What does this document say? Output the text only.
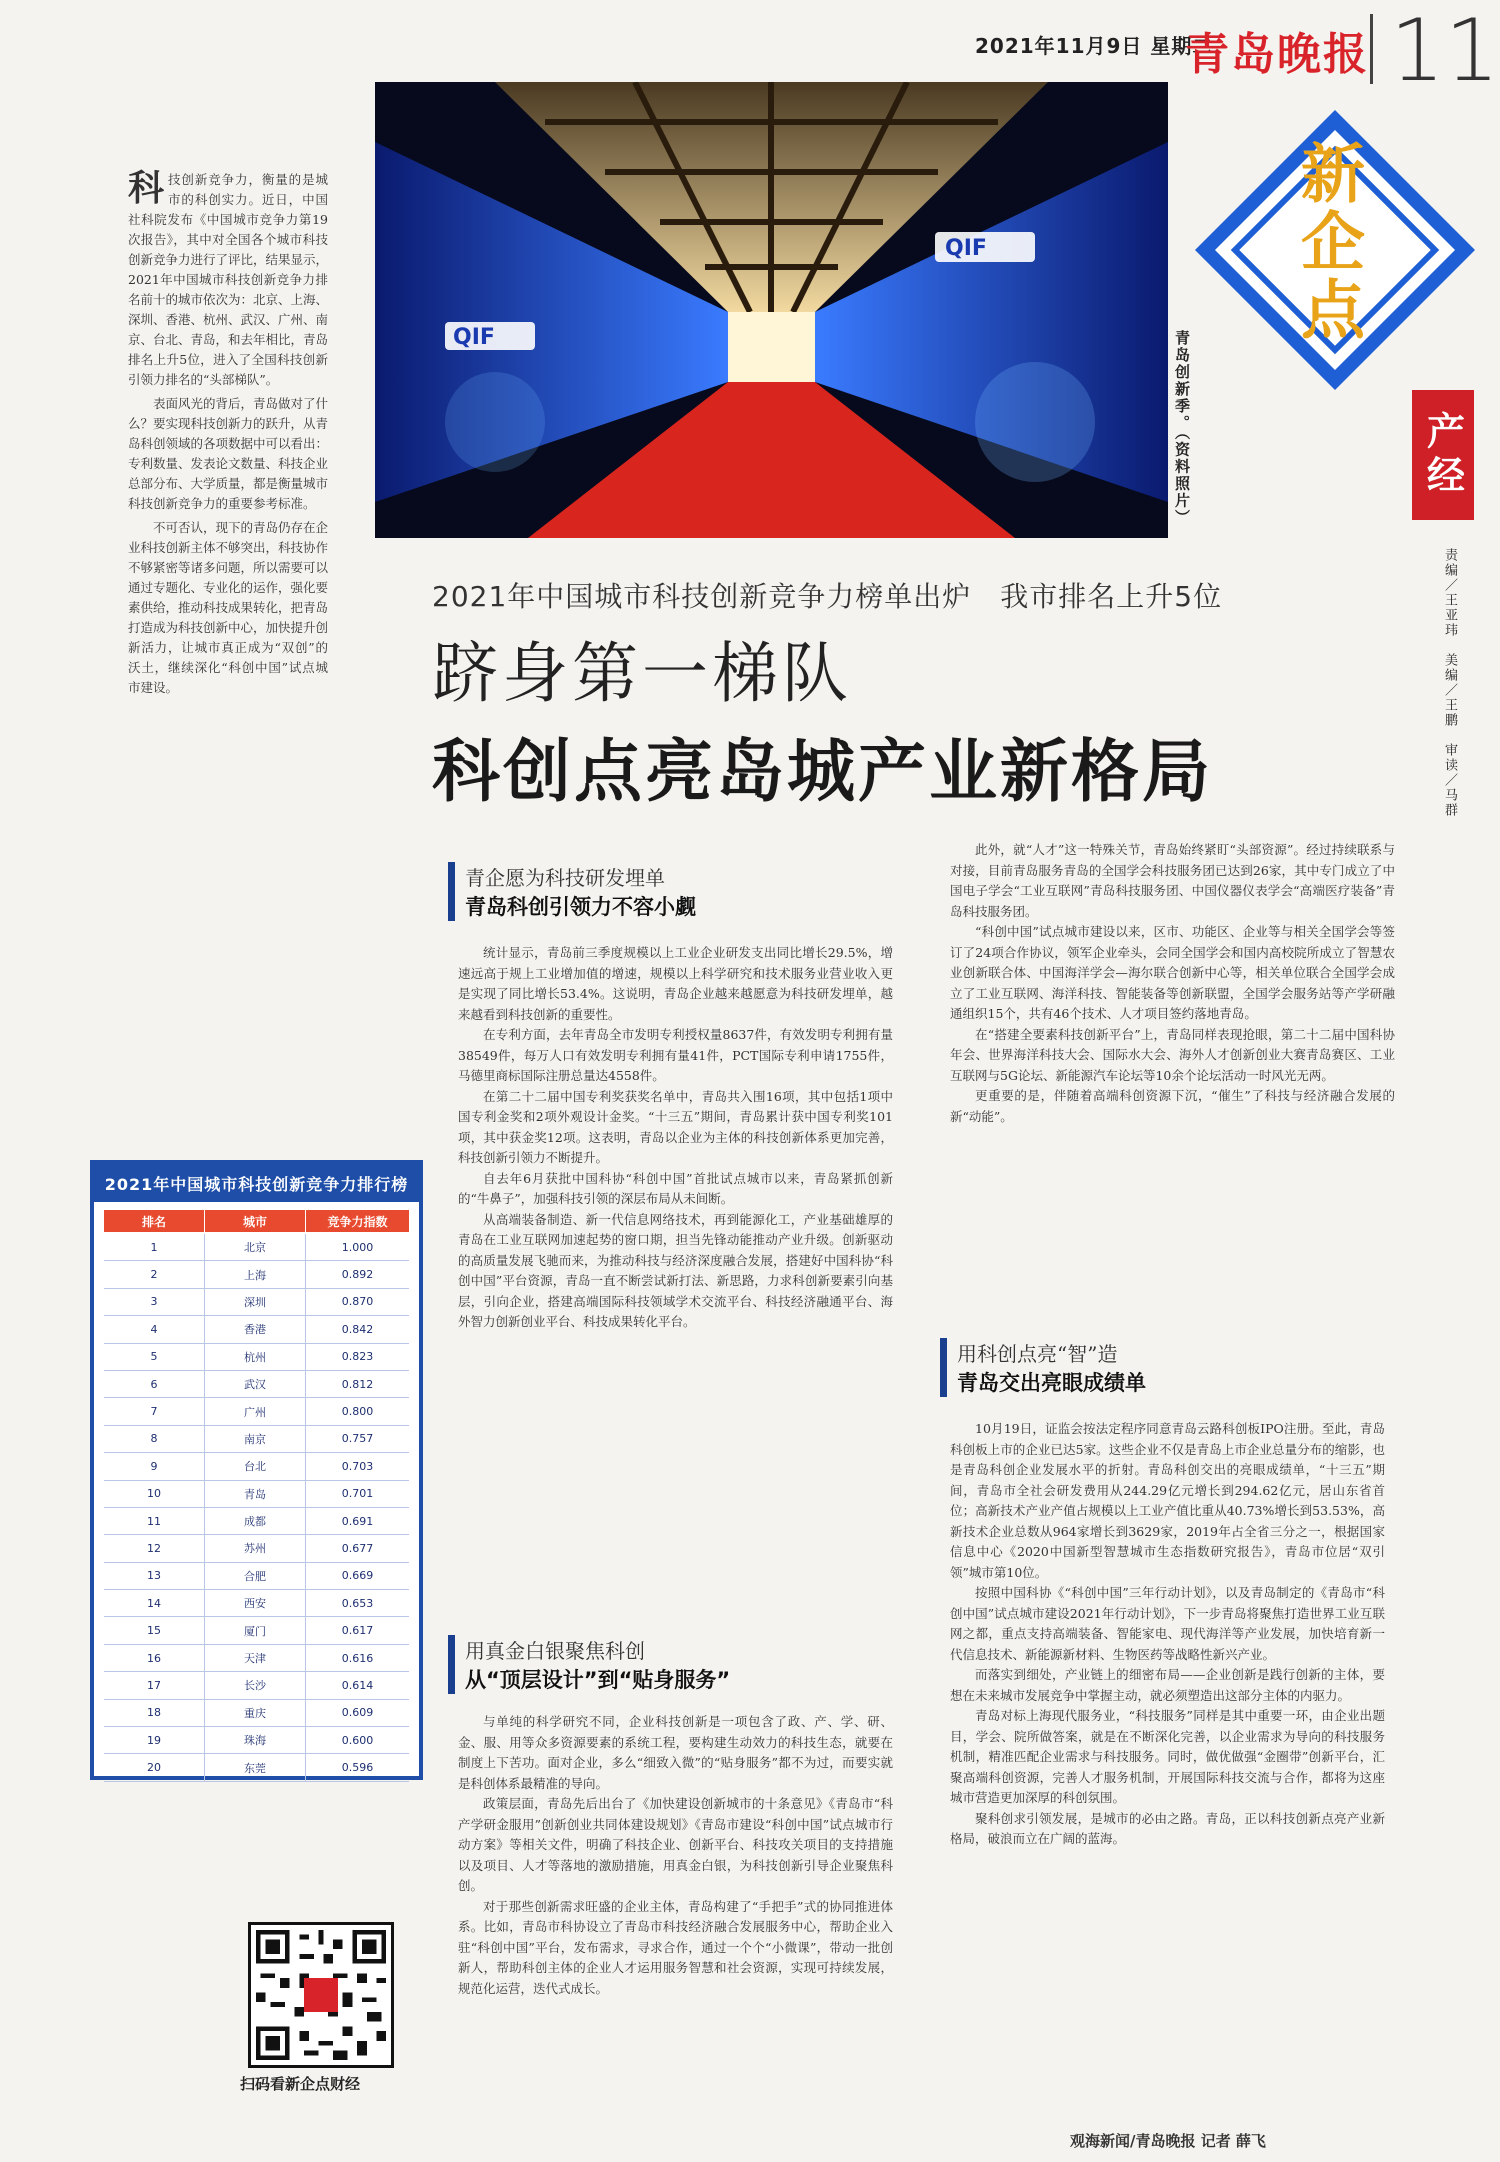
2021年11月9日 星期二
青岛晚报 11
QIF
QIF
青岛创新季。（资料照片）
新企点
产经
责编／王亚玮　美编／王鹏　审读／马群

科技创新竞争力，衡量的是城市的科创实力。近日，中国社科院发布《中国城市竞争力第19次报告》，其中对全国各个城市科技创新竞争力进行了评比，结果显示，2021年中国城市科技创新竞争力排名前十的城市依次为：北京、上海、深圳、香港、杭州、武汉、广州、南京、台北、青岛，和去年相比，青岛排名上升5位，进入了全国科技创新引领力排名的“头部梯队”。

表面风光的背后，青岛做对了什么？要实现科技创新力的跃升，从青岛科创领域的各项数据中可以看出：专利数量、发表论文数量、科技企业总部分布、大学质量，都是衡量城市科技创新竞争力的重要参考标准。

不可否认，现下的青岛仍存在企业科技创新主体不够突出，科技协作不够紧密等诸多问题，所以需要可以通过专题化、专业化的运作，强化要素供给，推动科技成果转化，把青岛打造成为科技创新中心，加快提升创新活力，让城市真正成为“双创”的沃土，继续深化“科创中国”试点城市建设。

2021年中国城市科技创新竞争力榜单出炉　我市排名上升5位
跻身第一梯队
科创点亮岛城产业新格局
青企愿为科技研发埋单
青岛科创引领力不容小觑

统计显示，青岛前三季度规模以上工业企业研发支出同比增长29.5%，增速远高于规上工业增加值的增速，规模以上科学研究和技术服务业营业收入更是实现了同比增长53.4%。这说明，青岛企业越来越愿意为科技研发埋单，越来越看到科技创新的重要性。

在专利方面，去年青岛全市发明专利授权量8637件，有效发明专利拥有量38549件，每万人口有效发明专利拥有量41件，PCT国际专利申请1755件，马德里商标国际注册总量达4558件。

在第二十二届中国专利奖获奖名单中，青岛共入围16项，其中包括1项中国专利金奖和2项外观设计金奖。“十三五”期间，青岛累计获中国专利奖101项，其中获金奖12项。这表明，青岛以企业为主体的科技创新体系更加完善，科技创新引领力不断提升。

自去年6月获批中国科协“科创中国”首批试点城市以来，青岛紧抓创新的“牛鼻子”，加强科技引领的深层布局从未间断。

从高端装备制造、新一代信息网络技术，再到能源化工，产业基础雄厚的青岛在工业互联网加速起势的窗口期，担当先锋动能推动产业升级。创新驱动的高质量发展飞驰而来，为推动科技与经济深度融合发展，搭建好中国科协“科创中国”平台资源，青岛一直不断尝试新打法、新思路，力求科创新要素引向基层，引向企业，搭建高端国际科技领域学术交流平台、科技经济融通平台、海外智力创新创业平台、科技成果转化平台。

用真金白银聚焦科创
从“顶层设计”到“贴身服务”

与单纯的科学研究不同，企业科技创新是一项包含了政、产、学、研、金、服、用等众多资源要素的系统工程，要构建生动效力的科技生态，就要在制度上下苦功。面对企业，多么“细致入微”的“贴身服务”都不为过，而要实就是科创体系最精准的导向。

政策层面，青岛先后出台了《加快建设创新城市的十条意见》《青岛市“科产学研金服用”创新创业共同体建设规划》《青岛市建设“科创中国”试点城市行动方案》等相关文件，明确了科技企业、创新平台、科技攻关项目的支持措施以及项目、人才等落地的激励措施，用真金白银，为科技创新引导企业聚焦科创。

对于那些创新需求旺盛的企业主体，青岛构建了“手把手”式的协同推进体系。比如，青岛市科协设立了青岛市科技经济融合发展服务中心，帮助企业入驻“科创中国”平台，发布需求，寻求合作，通过一个个“小微课”，带动一批创新人，帮助科创主体的企业人才运用服务智慧和社会资源，实现可持续发展，规范化运营，迭代式成长。

此外，就“人才”这一特殊关节，青岛始终紧盯“头部资源”。经过持续联系与对接，目前青岛服务青岛的全国学会科技服务团已达到26家，其中专门成立了中国电子学会“工业互联网”青岛科技服务团、中国仪器仪表学会“高端医疗装备”青岛科技服务团。

“科创中国”试点城市建设以来，区市、功能区、企业等与相关全国学会等签订了24项合作协议，领军企业牵头，会同全国学会和国内高校院所成立了智慧农业创新联合体、中国海洋学会—海尔联合创新中心等，相关单位联合全国学会成立了工业互联网、海洋科技、智能装备等创新联盟，全国学会服务站等产学研融通组织15个，共有46个技术、人才项目签约落地青岛。

在“搭建全要素科技创新平台”上，青岛同样表现抢眼，第二十二届中国科协年会、世界海洋科技大会、国际水大会、海外人才创新创业大赛青岛赛区、工业互联网与5G论坛、新能源汽车论坛等10余个论坛活动一时风光无两。

更重要的是，伴随着高端科创资源下沉，“催生”了科技与经济融合发展的新“动能”。

用科创点亮“智”造
青岛交出亮眼成绩单

10月19日，证监会按法定程序同意青岛云路科创板IPO注册。至此，青岛科创板上市的企业已达5家。这些企业不仅是青岛上市企业总量分布的缩影，也是青岛科创企业发展水平的折射。青岛科创交出的亮眼成绩单，“十三五”期间，青岛市全社会研发费用从244.29亿元增长到294.62亿元，居山东省首位；高新技术产业产值占规模以上工业产值比重从40.73%增长到53.53%，高新技术企业总数从964家增长到3629家，2019年占全省三分之一，根据国家信息中心《2020中国新型智慧城市生态指数研究报告》，青岛市位居“双引领”城市第10位。

按照中国科协《“科创中国”三年行动计划》，以及青岛制定的《青岛市“科创中国”试点城市建设2021年行动计划》，下一步青岛将聚焦打造世界工业互联网之都，重点支持高端装备、智能家电、现代海洋等产业发展，加快培育新一代信息技术、新能源新材料、生物医药等战略性新兴产业。

而落实到细处，产业链上的细密布局——企业创新是践行创新的主体，要想在未来城市发展竞争中掌握主动，就必须塑造出这部分主体的内驱力。

青岛对标上海现代服务业，“科技服务”同样是其中重要一环，由企业出题目，学会、院所做答案，就是在不断深化完善，以企业需求为导向的科技服务机制，精准匹配企业需求与科技服务。同时，做优做强“金圈带”创新平台，汇聚高端科创资源，完善人才服务机制，开展国际科技交流与合作，都将为这座城市营造更加深厚的科创氛围。

聚科创求引领发展，是城市的必由之路。青岛，正以科技创新点亮产业新格局，破浪而立在广阔的蓝海。

2021年中国城市科技创新竞争力排行榜
排名	城市	竞争力指数
1	北京	1.000
2	上海	0.892
3	深圳	0.870
4	香港	0.842
5	杭州	0.823
6	武汉	0.812
7	广州	0.800
8	南京	0.757
9	台北	0.703
10	青岛	0.701
11	成都	0.691
12	苏州	0.677
13	合肥	0.669
14	西安	0.653
15	厦门	0.617
16	天津	0.616
17	长沙	0.614
18	重庆	0.609
19	珠海	0.600
20	东莞	0.596
扫码看新企点财经
观海新闻/青岛晚报 记者 薛飞
